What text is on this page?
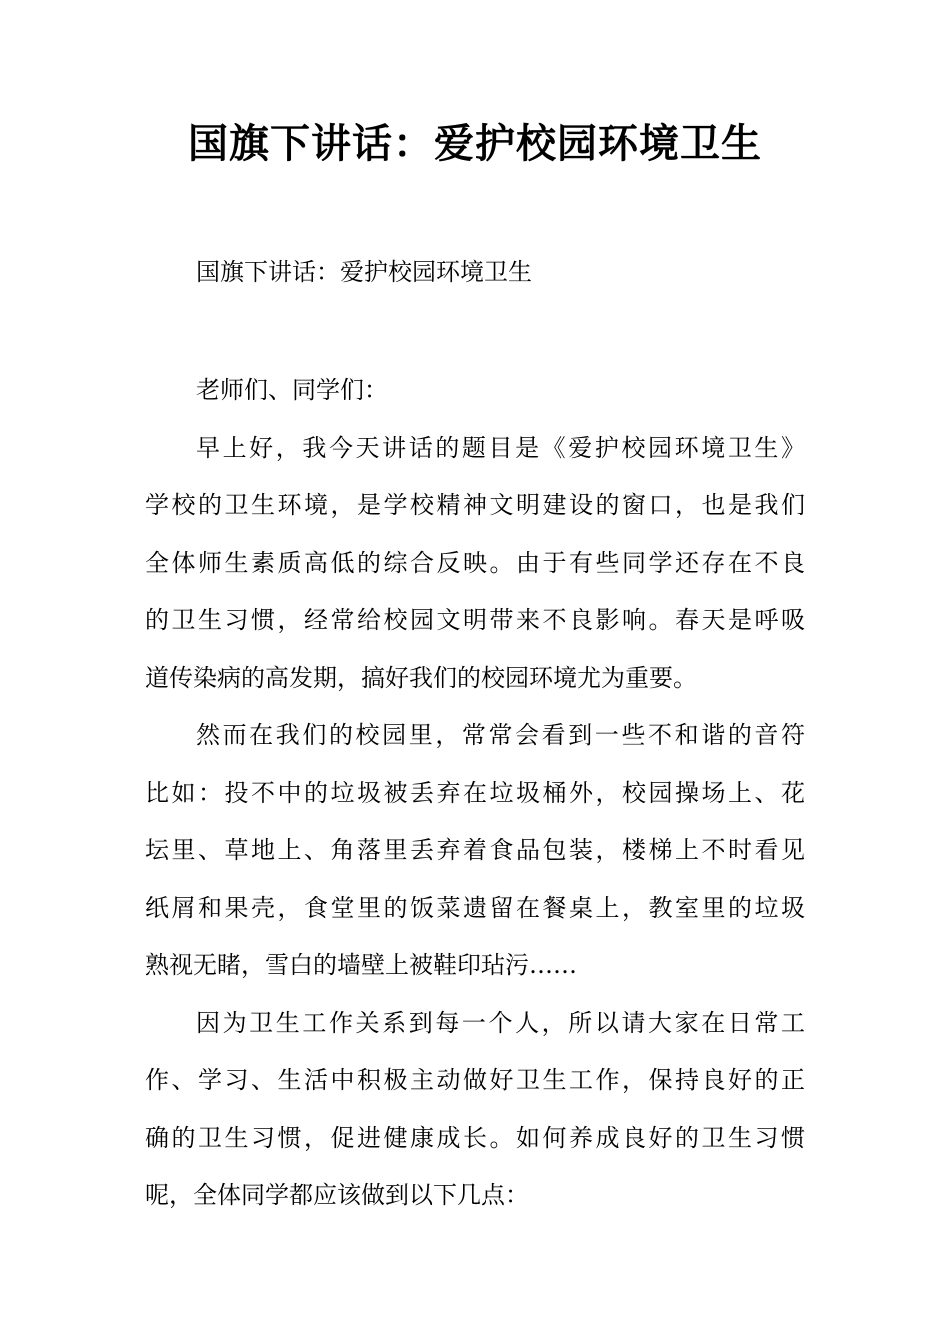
国旗下讲话：爱护校园环境卫生

国旗下讲话：爱护校园环境卫生

老师们、同学们：
早上好，我今天讲话的题目是《爱护校园环境卫生》
学校的卫生环境，是学校精神文明建设的窗口，也是我们
全体师生素质高低的综合反映。由于有些同学还存在不良
的卫生习惯，经常给校园文明带来不良影响。春天是呼吸
道传染病的高发期，搞好我们的校园环境尤为重要。
然而在我们的校园里，常常会看到一些不和谐的音符
比如：投不中的垃圾被丢弃在垃圾桶外，校园操场上、花
坛里、草地上、角落里丢弃着食品包装，楼梯上不时看见
纸屑和果壳，食堂里的饭菜遗留在餐桌上，教室里的垃圾
熟视无睹，雪白的墙壁上被鞋印玷污……
因为卫生工作关系到每一个人，所以请大家在日常工
作、学习、生活中积极主动做好卫生工作，保持良好的正
确的卫生习惯，促进健康成长。如何养成良好的卫生习惯
呢，全体同学都应该做到以下几点：
